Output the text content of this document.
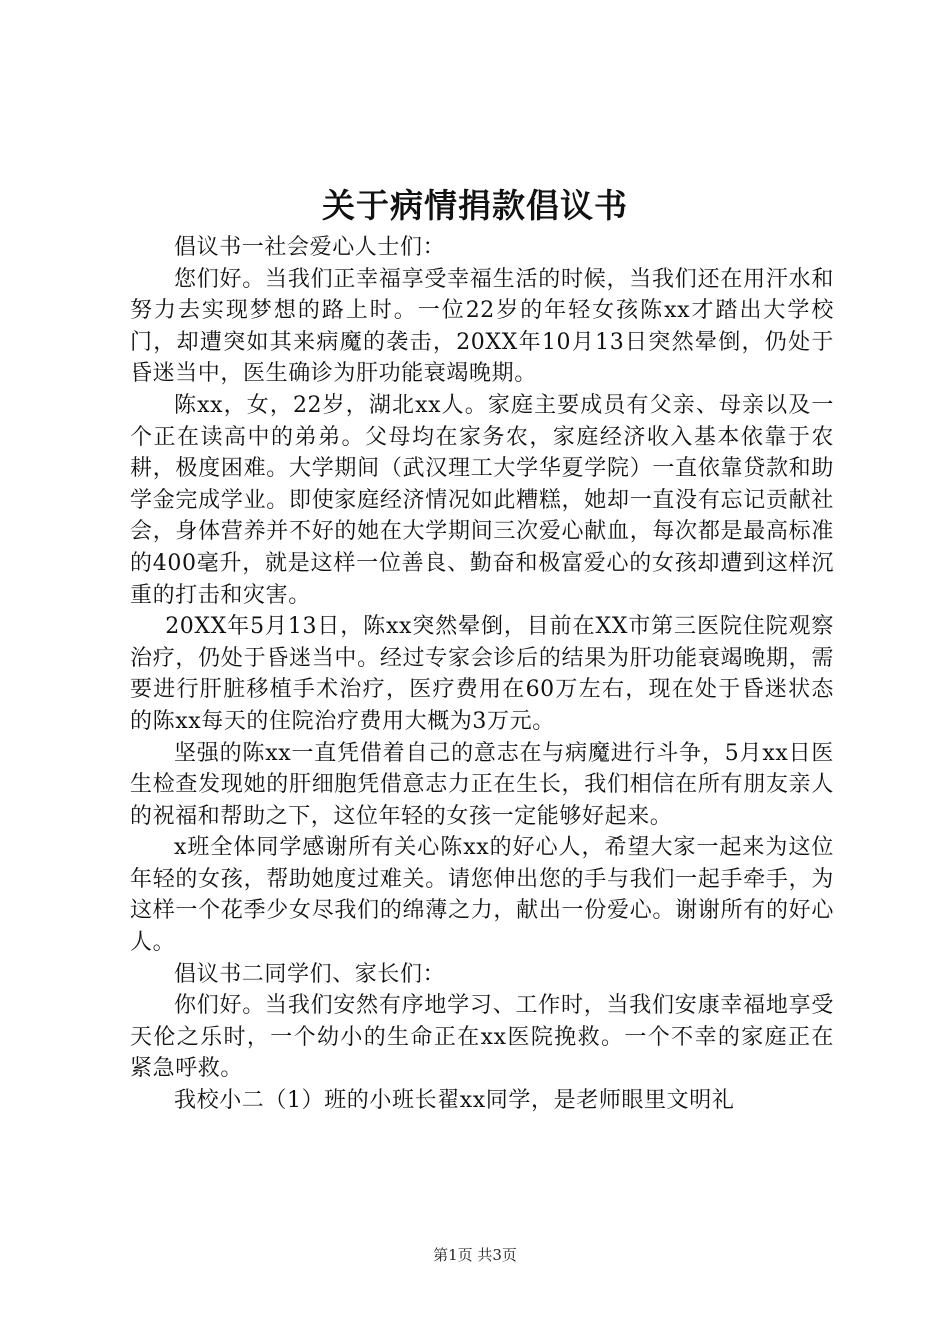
关于病情捐款倡议书

倡议书一社会爱心人士们：

您们好。当我们正幸福享受幸福生活的时候，当我们还在用汗水和努力去实现梦想的路上时。一位22岁的年轻女孩陈xx才踏出大学校门，却遭突如其来病魔的袭击，20XX年10月13日突然晕倒，仍处于昏迷当中，医生确诊为肝功能衰竭晚期。

陈xx，女，22岁，湖北xx人。家庭主要成员有父亲、母亲以及一个正在读高中的弟弟。父母均在家务农，家庭经济收入基本依靠于农耕，极度困难。大学期间（武汉理工大学华夏学院）一直依靠贷款和助学金完成学业。即使家庭经济情况如此糟糕，她却一直没有忘记贡献社会，身体营养并不好的她在大学期间三次爱心献血，每次都是最高标准的400毫升，就是这样一位善良、勤奋和极富爱心的女孩却遭到这样沉重的打击和灾害。

20XX年5月13日，陈xx突然晕倒，目前在XX市第三医院住院观察治疗，仍处于昏迷当中。经过专家会诊后的结果为肝功能衰竭晚期，需要进行肝脏移植手术治疗，医疗费用在60万左右，现在处于昏迷状态的陈xx每天的住院治疗费用大概为3万元。

坚强的陈xx一直凭借着自己的意志在与病魔进行斗争，5月xx日医生检查发现她的肝细胞凭借意志力正在生长，我们相信在所有朋友亲人的祝福和帮助之下，这位年轻的女孩一定能够好起来。

x班全体同学感谢所有关心陈xx的好心人，希望大家一起来为这位年轻的女孩，帮助她度过难关。请您伸出您的手与我们一起手牵手，为这样一个花季少女尽我们的绵薄之力，献出一份爱心。谢谢所有的好心人。

倡议书二同学们、家长们：

你们好。当我们安然有序地学习、工作时，当我们安康幸福地享受天伦之乐时，一个幼小的生命正在xx医院挽救。一个不幸的家庭正在紧急呼救。

我校小二（1）班的小班长翟xx同学，是老师眼里文明礼

第1页 共3页
